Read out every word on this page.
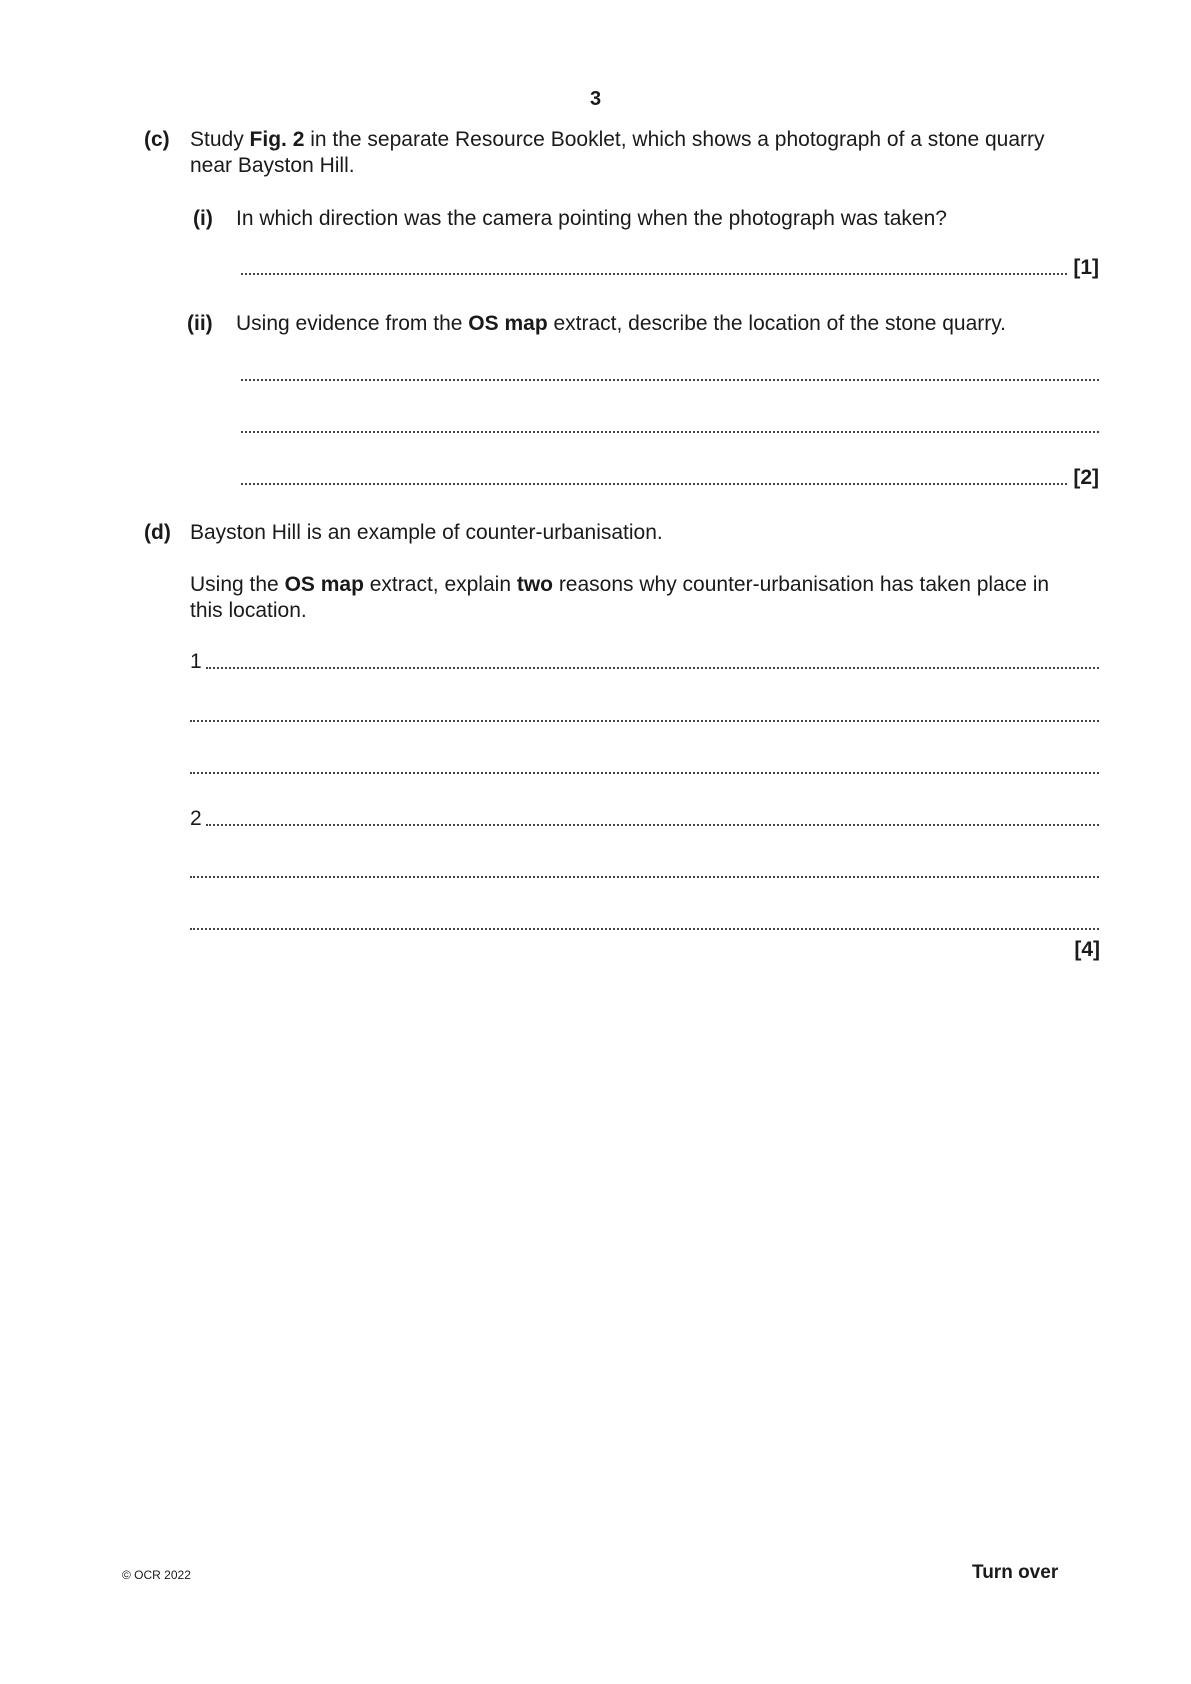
3
(c) Study Fig. 2 in the separate Resource Booklet, which shows a photograph of a stone quarry
near Bayston Hill.
(i) In which direction was the camera pointing when the photograph was taken?
[1]
(ii) Using evidence from the OS map extract, describe the location of the stone quarry.
[2]
(d) Bayston Hill is an example of counter-urbanisation.
Using the OS map extract, explain two reasons why counter-urbanisation has taken place in
this location.
1
2
[4]
© OCR 2022	Turn over
